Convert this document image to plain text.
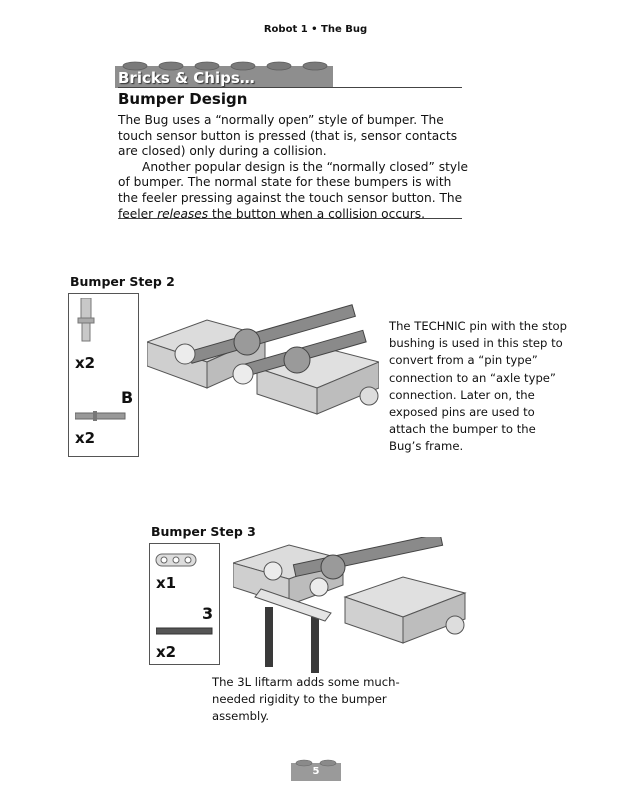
Robot 1 • The Bug
Bricks & Chips…
Bumper Design

The Bug uses a “normally open” style of bumper. The touch sensor button is pressed (that is, sensor contacts are closed) only during a collision.

Another popular design is the “normally closed” style of bumper. The normal state for these bumpers is with the feeler pressing against the touch sensor button. The feeler releases the button when a collision occurs.

Bumper Step 2
x2
B
x2
The TECHNIC pin with the stop bushing is used in this step to convert from a “pin type” connection to an “axle type” connection. Later on, the exposed pins are used to attach the bumper to the Bug’s frame.
Bumper Step 3
x1
3
x2
The 3L liftarm adds some much-needed rigidity to the bumper assembly.
5
